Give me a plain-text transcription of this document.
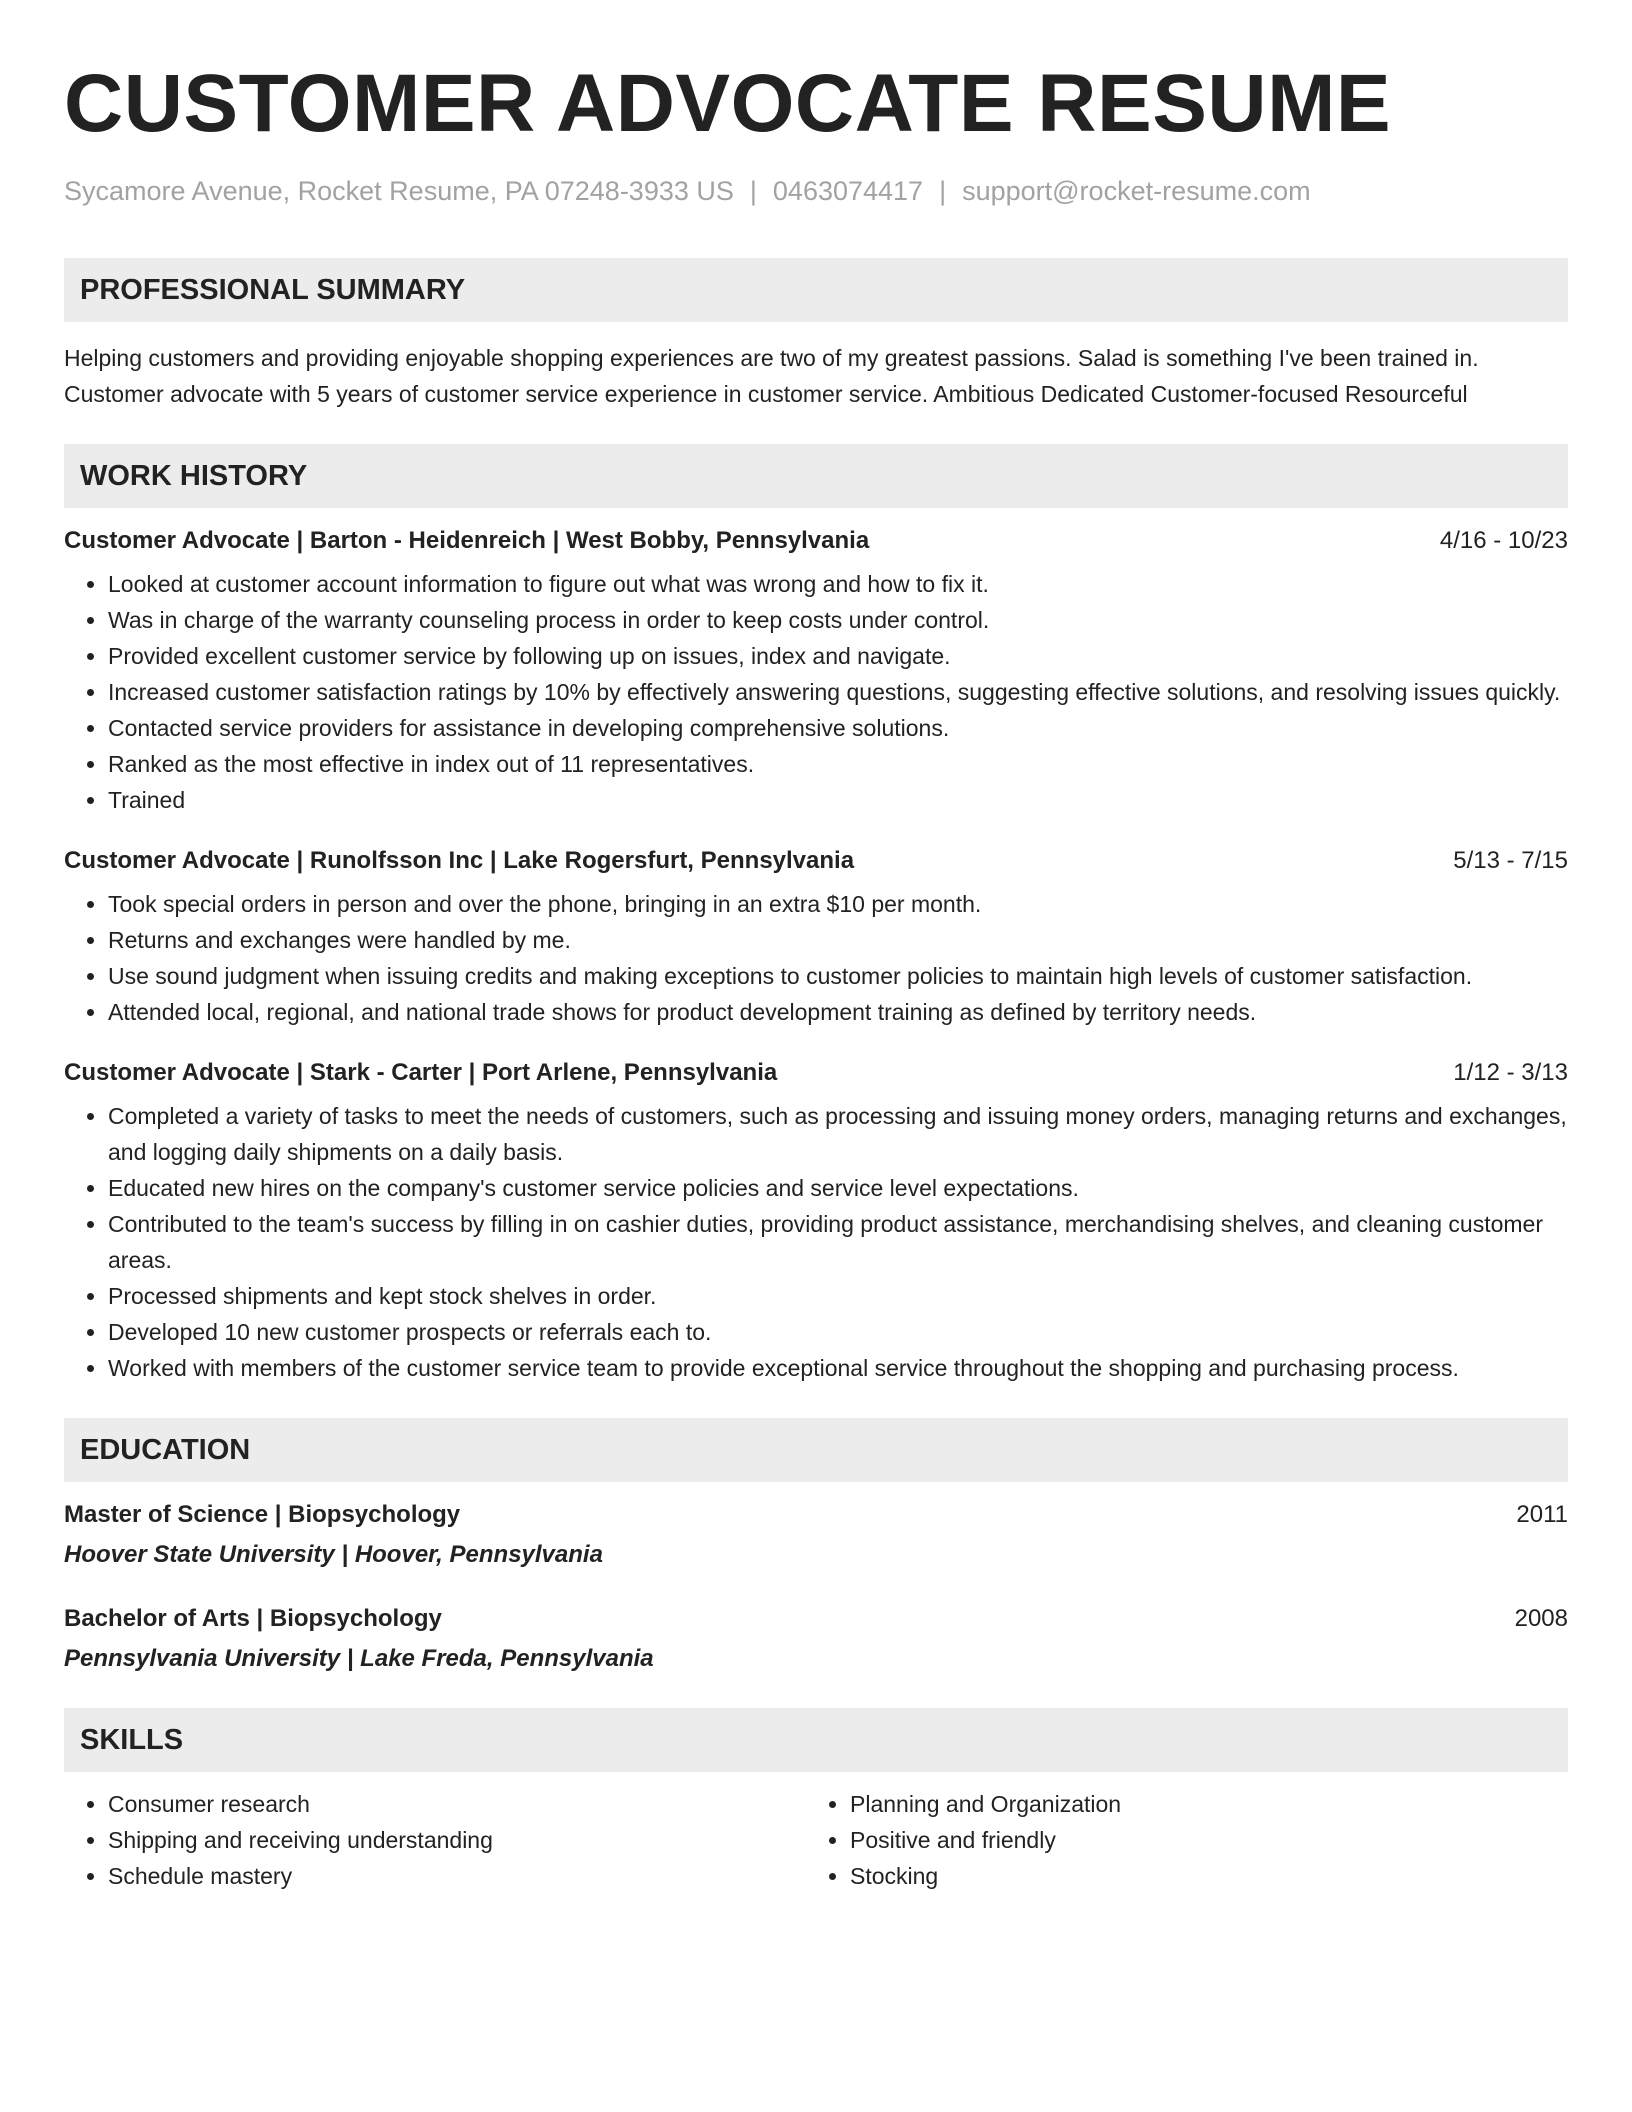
CUSTOMER ADVOCATE RESUME
Sycamore Avenue, Rocket Resume, PA 07248-3933 US | 0463074417 | support@rocket-resume.com
PROFESSIONAL SUMMARY

Helping customers and providing enjoyable shopping experiences are two of my greatest passions. Salad is something I've been trained in. Customer advocate with 5 years of customer service experience in customer service. Ambitious Dedicated Customer-focused Resourceful

WORK HISTORY
Customer Advocate | Barton - Heidenreich | West Bobby, Pennsylvania	4/16 - 10/23
• Looked at customer account information to figure out what was wrong and how to fix it.
• Was in charge of the warranty counseling process in order to keep costs under control.
• Provided excellent customer service by following up on issues, index and navigate.
• Increased customer satisfaction ratings by 10% by effectively answering questions, suggesting effective solutions, and resolving issues quickly.
• Contacted service providers for assistance in developing comprehensive solutions.
• Ranked as the most effective in index out of 11 representatives.
• Trained
Customer Advocate | Runolfsson Inc | Lake Rogersfurt, Pennsylvania	5/13 - 7/15
• Took special orders in person and over the phone, bringing in an extra $10 per month.
• Returns and exchanges were handled by me.
• Use sound judgment when issuing credits and making exceptions to customer policies to maintain high levels of customer satisfaction.
• Attended local, regional, and national trade shows for product development training as defined by territory needs.
Customer Advocate | Stark - Carter | Port Arlene, Pennsylvania	1/12 - 3/13
• Completed a variety of tasks to meet the needs of customers, such as processing and issuing money orders, managing returns and exchanges, and logging daily shipments on a daily basis.
• Educated new hires on the company's customer service policies and service level expectations.
• Contributed to the team's success by filling in on cashier duties, providing product assistance, merchandising shelves, and cleaning customer areas.
• Processed shipments and kept stock shelves in order.
• Developed 10 new customer prospects or referrals each to.
• Worked with members of the customer service team to provide exceptional service throughout the shopping and purchasing process.
EDUCATION
Master of Science | Biopsychology	2011
Hoover State University | Hoover, Pennsylvania
Bachelor of Arts | Biopsychology	2008
Pennsylvania University | Lake Freda, Pennsylvania
SKILLS
• Consumer research
• Shipping and receiving understanding
• Schedule mastery
• Planning and Organization
• Positive and friendly
• Stocking
